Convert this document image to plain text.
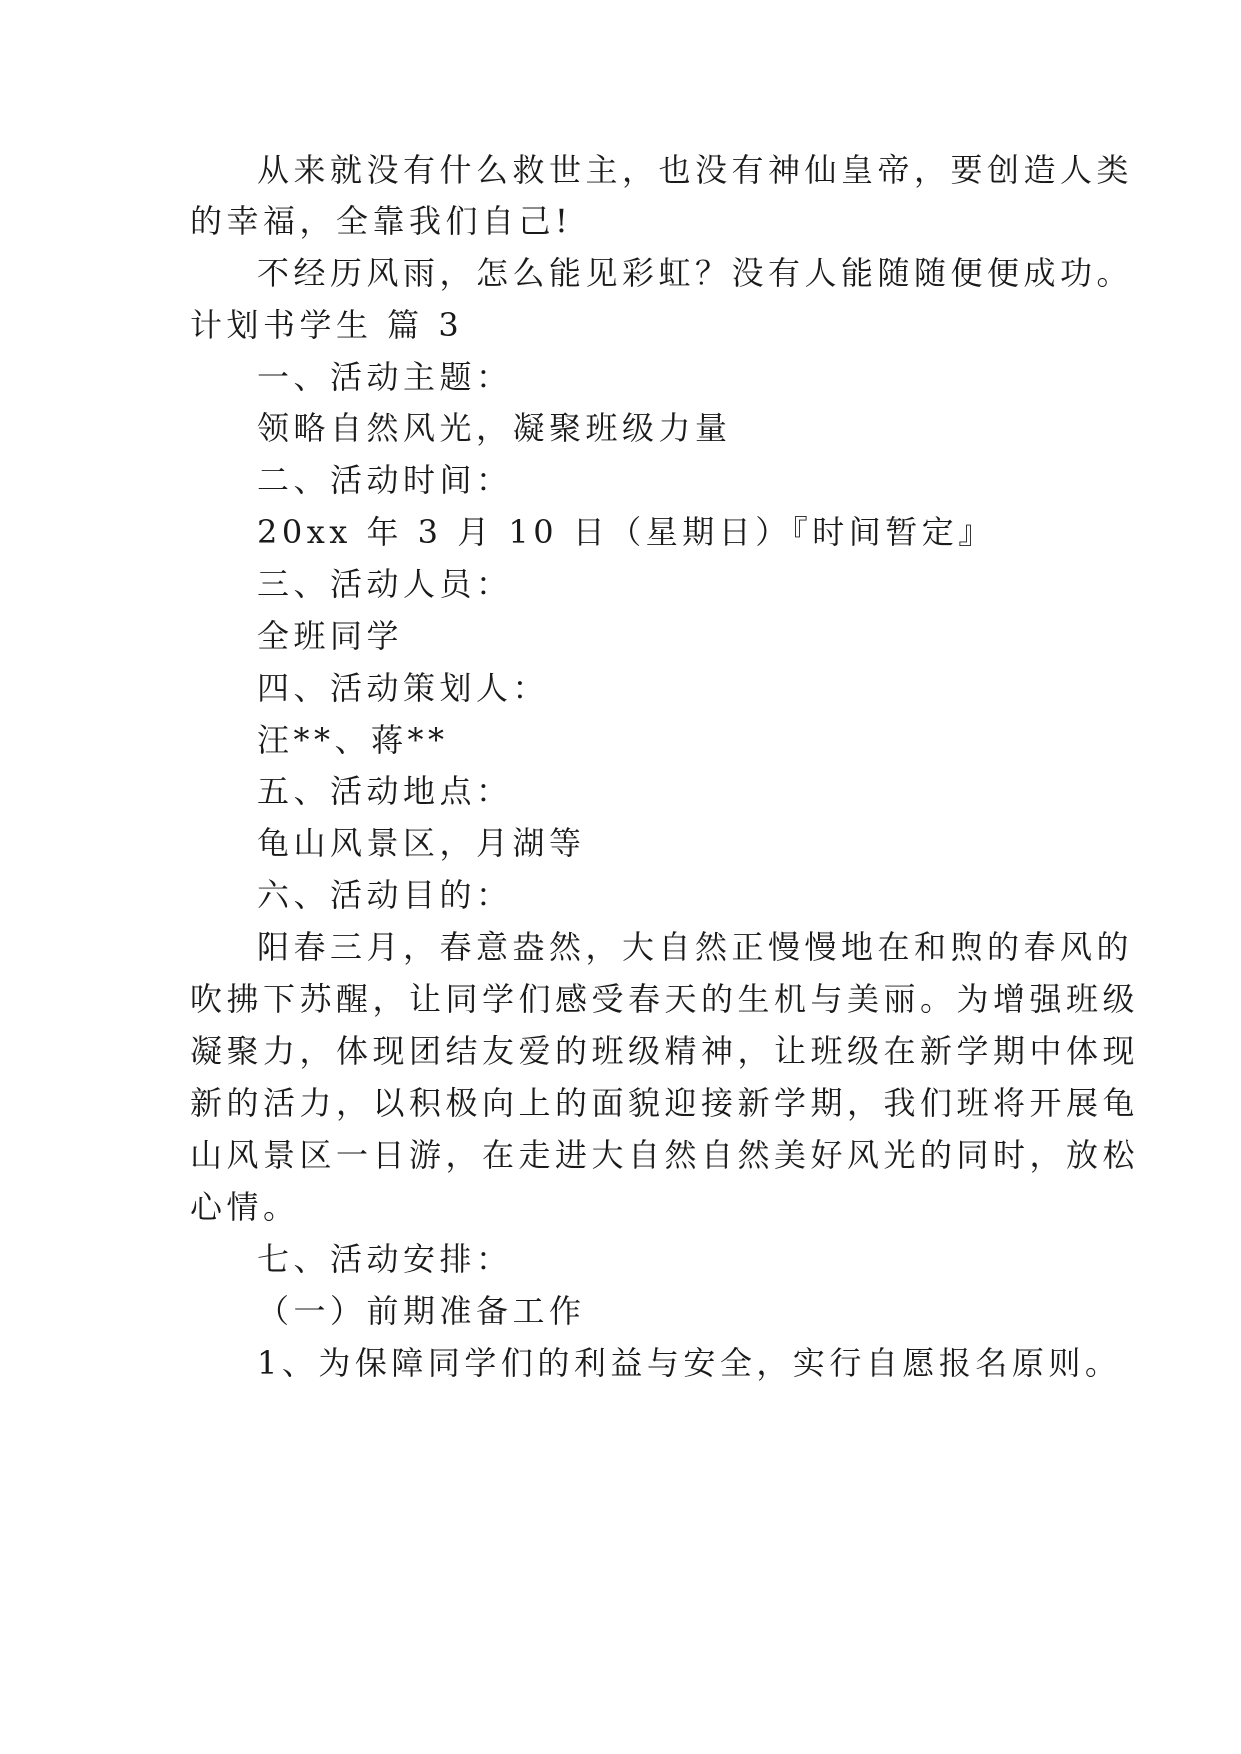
从来就没有什么救世主，也没有神仙皇帝，要创造人类
的幸福，全靠我们自己!
不经历风雨，怎么能见彩虹？没有人能随随便便成功。
计划书学生 篇 3
一、活动主题：
领略自然风光，凝聚班级力量
二、活动时间：
20xx 年 3 月 10 日（星期日）『时间暂定』
三、活动人员：
全班同学
四、活动策划人：
汪**、蒋**
五、活动地点：
龟山风景区，月湖等
六、活动目的：
阳春三月，春意盎然，大自然正慢慢地在和煦的春风的
吹拂下苏醒，让同学们感受春天的生机与美丽。为增强班级
凝聚力，体现团结友爱的班级精神，让班级在新学期中体现
新的活力，以积极向上的面貌迎接新学期，我们班将开展龟
山风景区一日游，在走进大自然自然美好风光的同时，放松
心情。
七、活动安排：
（一）前期准备工作
1、为保障同学们的利益与安全，实行自愿报名原则。
